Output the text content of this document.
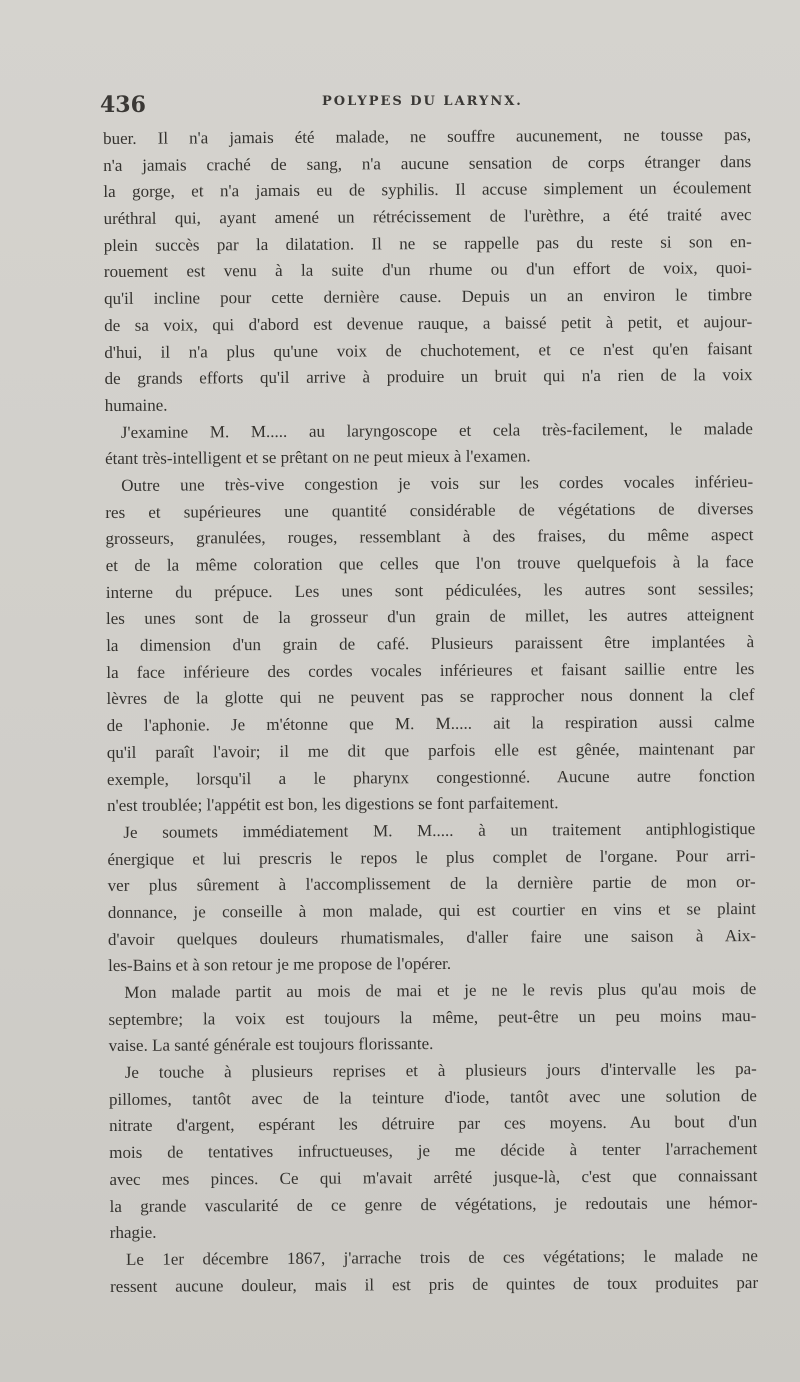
436	POLYPES DU LARYNX.
buer. Il n'a jamais été malade, ne souffre aucunement, ne tousse pas,
n'a jamais craché de sang, n'a aucune sensation de corps étranger dans
la gorge, et n'a jamais eu de syphilis. Il accuse simplement un écoulement
uréthral qui, ayant amené un rétrécissement de l'urèthre, a été traité avec
plein succès par la dilatation. Il ne se rappelle pas du reste si son en-
rouement est venu à la suite d'un rhume ou d'un effort de voix, quoi-
qu'il incline pour cette dernière cause. Depuis un an environ le timbre
de sa voix, qui d'abord est devenue rauque, a baissé petit à petit, et aujour-
d'hui, il n'a plus qu'une voix de chuchotement, et ce n'est qu'en faisant
de grands efforts qu'il arrive à produire un bruit qui n'a rien de la voix
humaine.
J'examine M. M..... au laryngoscope et cela très-facilement, le malade
étant très-intelligent et se prêtant on ne peut mieux à l'examen.
Outre une très-vive congestion je vois sur les cordes vocales inférieu-
res et supérieures une quantité considérable de végétations de diverses
grosseurs, granulées, rouges, ressemblant à des fraises, du même aspect
et de la même coloration que celles que l'on trouve quelquefois à la face
interne du prépuce. Les unes sont pédiculées, les autres sont sessiles;
les unes sont de la grosseur d'un grain de millet, les autres atteignent
la dimension d'un grain de café. Plusieurs paraissent être implantées à
la face inférieure des cordes vocales inférieures et faisant saillie entre les
lèvres de la glotte qui ne peuvent pas se rapprocher nous donnent la clef
de l'aphonie. Je m'étonne que M. M..... ait la respiration aussi calme
qu'il paraît l'avoir; il me dit que parfois elle est gênée, maintenant par
exemple, lorsqu'il a le pharynx congestionné. Aucune autre fonction
n'est troublée; l'appétit est bon, les digestions se font parfaitement.
Je soumets immédiatement M. M..... à un traitement antiphlogistique
énergique et lui prescris le repos le plus complet de l'organe. Pour arri-
ver plus sûrement à l'accomplissement de la dernière partie de mon or-
donnance, je conseille à mon malade, qui est courtier en vins et se plaint
d'avoir quelques douleurs rhumatismales, d'aller faire une saison à Aix-
les-Bains et à son retour je me propose de l'opérer.
Mon malade partit au mois de mai et je ne le revis plus qu'au mois de
septembre; la voix est toujours la même, peut-être un peu moins mau-
vaise. La santé générale est toujours florissante.
Je touche à plusieurs reprises et à plusieurs jours d'intervalle les pa-
pillomes, tantôt avec de la teinture d'iode, tantôt avec une solution de
nitrate d'argent, espérant les détruire par ces moyens. Au bout d'un
mois de tentatives infructueuses, je me décide à tenter l'arrachement
avec mes pinces. Ce qui m'avait arrêté jusque-là, c'est que connaissant
la grande vascularité de ce genre de végétations, je redoutais une hémor-
rhagie.
Le 1er décembre 1867, j'arrache trois de ces végétations; le malade ne
ressent aucune douleur, mais il est pris de quintes de toux produites par
